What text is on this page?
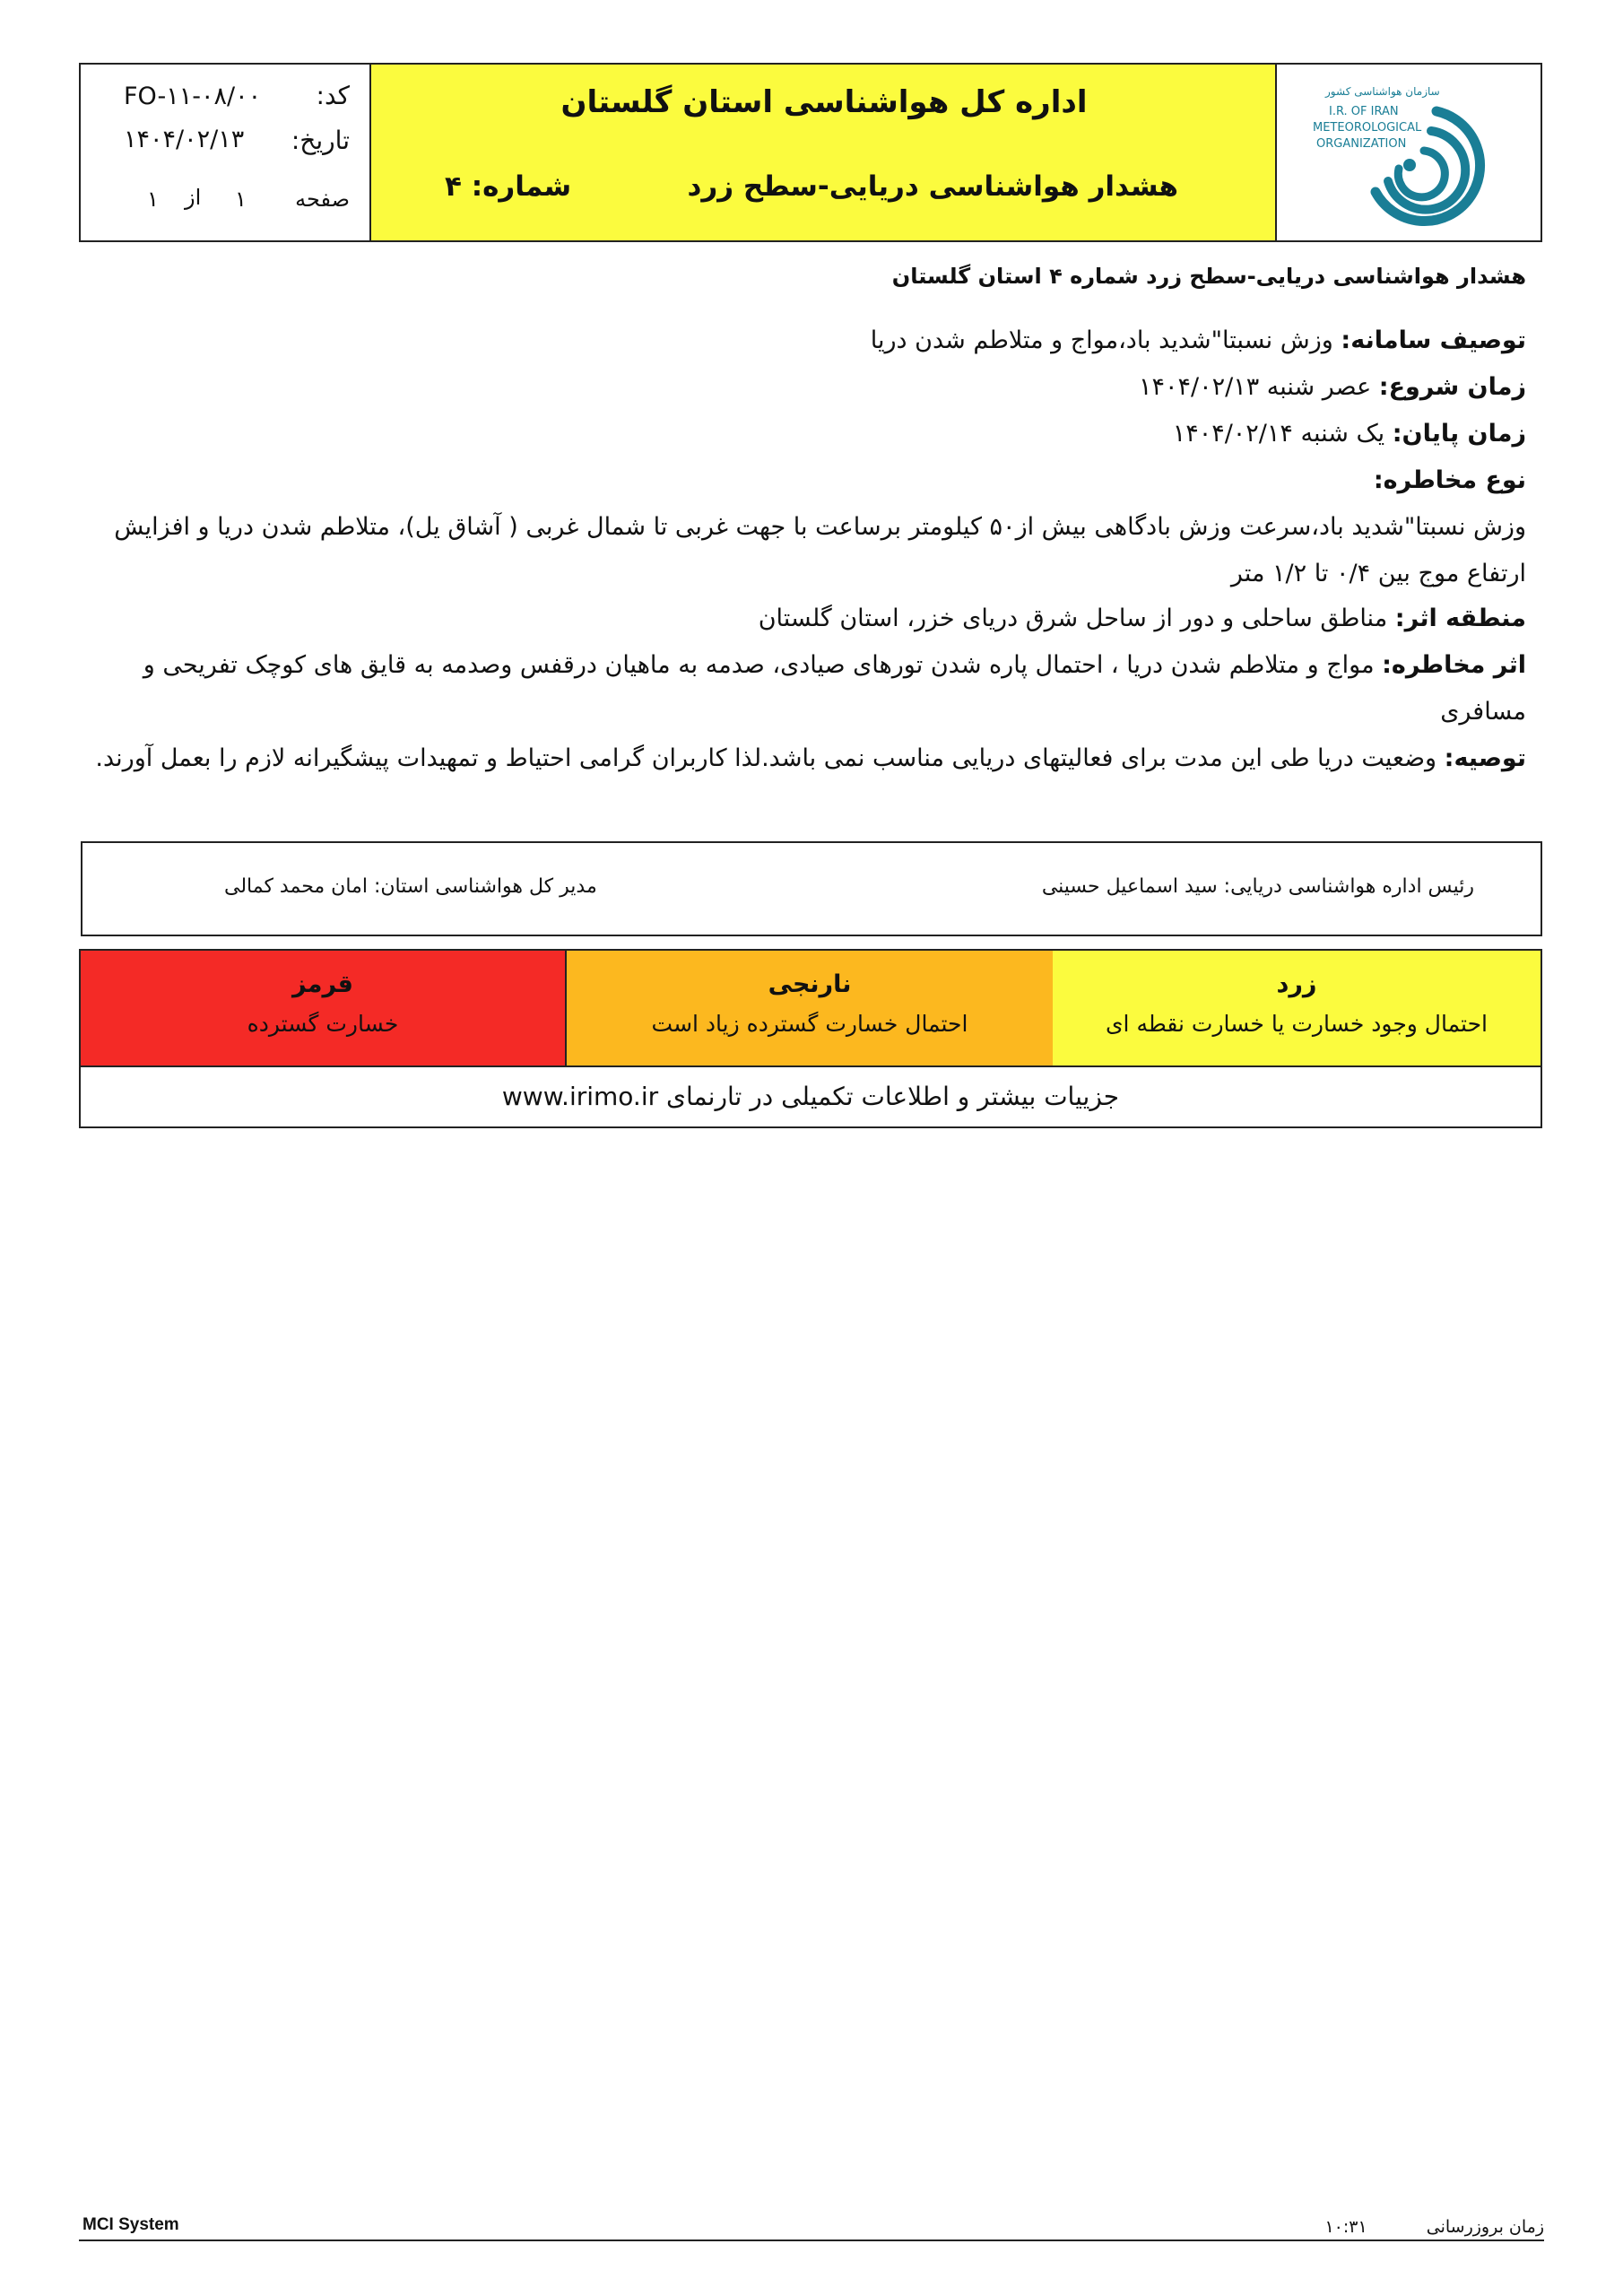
کد:
FO-۱۱-۰۸/۰۰
تاریخ:
۱۴۰۴/۰۲/۱۳
صفحه
۱
از
۱
اداره کل هواشناسی استان گلستان
هشدار هواشناسی دریایی-سطح زرد
شماره: ۴
سازمان هواشناسی کشور
I.R. OF IRAN
METEOROLOGICAL
ORGANIZATION
هشدار هواشناسی دریایی-سطح زرد شماره ۴ استان گلستان
توصیف سامانه: وزش نسبتا"شدید باد،مواج و متلاطم شدن دریا
زمان شروع: عصر شنبه ۱۴۰۴/۰۲/۱۳
زمان پایان: یک شنبه ۱۴۰۴/۰۲/۱۴
نوع مخاطره:
وزش نسبتا"شدید باد،سرعت وزش بادگاهی بیش از۵۰ کیلومتر برساعت با جهت غربی تا شمال غربی ( آشاق یل)، متلاطم شدن دریا و افزایش ارتفاع موج بین ۰/۴ تا ۱/۲ متر
منطقه اثر: مناطق ساحلی و دور از ساحل شرق دریای خزر، استان گلستان
اثر مخاطره: مواج و متلاطم شدن دریا ، احتمال پاره شدن تورهای صیادی، صدمه به ماهیان درقفس وصدمه به قایق های کوچک تفریحی و مسافری
توصیه: وضعیت دریا طی این مدت برای فعالیتهای دریایی مناسب نمی باشد.لذا کاربران گرامی احتیاط و تمهیدات پیشگیرانه لازم را بعمل آورند.
رئیس اداره هواشناسی دریایی: سید اسماعیل حسینی
مدیر کل هواشناسی استان: امان محمد کمالی
زرد
احتمال وجود خسارت یا خسارت نقطه ای
نارنجی
احتمال خسارت گسترده زیاد است
قرمز
خسارت گسترده
جزییات بیشتر و اطلاعات تکمیلی در تارنمای www.irimo.ir
MCI System	زمان بروزرسانی ۱۰:۳۱
